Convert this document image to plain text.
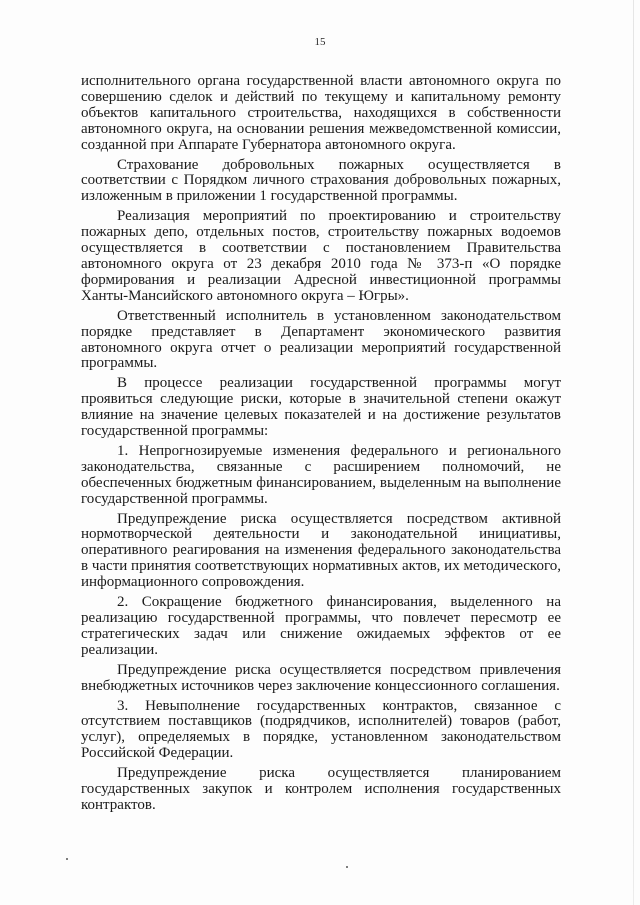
15

исполнительного органа государственной власти автономного округа по совершению сделок и действий по текущему и капитальному ремонту объектов капитального строительства, находящихся в собственности автономного округа, на основании решения межведомственной комиссии, созданной при Аппарате Губернатора автономного округа.

Страхование добровольных пожарных осуществляется в соответствии с Порядком личного страхования добровольных пожарных, изложенным в приложении 1 государственной программы.

Реализация мероприятий по проектированию и строительству пожарных депо, отдельных постов, строительству пожарных водоемов осуществляется в соответствии с постановлением Правительства автономного округа от 23 декабря 2010 года № 373-п «О порядке формирования и реализации Адресной инвестиционной программы Ханты-Мансийского автономного округа – Югры».

Ответственный исполнитель в установленном законодательством порядке представляет в Департамент экономического развития автономного округа отчет о реализации мероприятий государственной программы.

В процессе реализации государственной программы могут проявиться следующие риски, которые в значительной степени окажут влияние на значение целевых показателей и на достижение результатов государственной программы:

1. Непрогнозируемые изменения федерального и регионального законодательства, связанные с расширением полномочий, не обеспеченных бюджетным финансированием, выделенным на выполнение государственной программы.

Предупреждение риска осуществляется посредством активной нормотворческой деятельности и законодательной инициативы, оперативного реагирования на изменения федерального законодательства в части принятия соответствующих нормативных актов, их методического, информационного сопровождения.

2. Сокращение бюджетного финансирования, выделенного на реализацию государственной программы, что повлечет пересмотр ее стратегических задач или снижение ожидаемых эффектов от ее реализации.

Предупреждение риска осуществляется посредством привлечения внебюджетных источников через заключение концессионного соглашения.

3. Невыполнение государственных контрактов, связанное с отсутствием поставщиков (подрядчиков, исполнителей) товаров (работ, услуг), определяемых в порядке, установленном законодательством Российской Федерации.

Предупреждение риска осуществляется планированием государственных закупок и контролем исполнения государственных контрактов.
